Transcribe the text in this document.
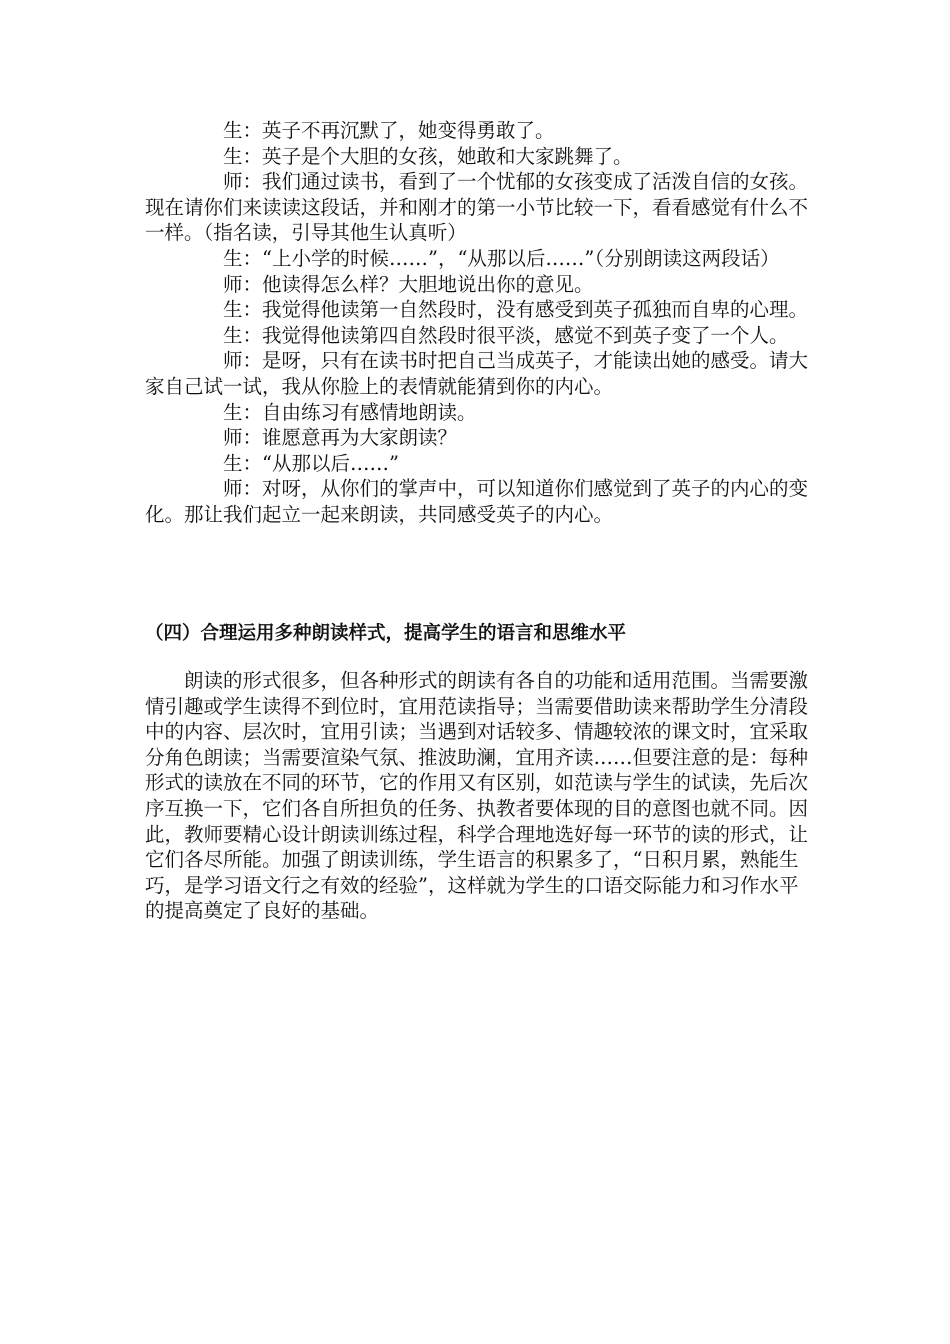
生：英子不再沉默了，她变得勇敢了。

生：英子是个大胆的女孩，她敢和大家跳舞了。

师：我们通过读书，看到了一个忧郁的女孩变成了活泼自信的女孩。现在请你们来读读这段话，并和刚才的第一小节比较一下，看看感觉有什么不一样。（指名读，引导其他生认真听）

生：“上小学的时候……”，“从那以后……”（分别朗读这两段话）

师：他读得怎么样？大胆地说出你的意见。

生：我觉得他读第一自然段时，没有感受到英子孤独而自卑的心理。

生：我觉得他读第四自然段时很平淡，感觉不到英子变了一个人。

师：是呀，只有在读书时把自己当成英子，才能读出她的感受。请大家自己试一试，我从你脸上的表情就能猜到你的内心。

生：自由练习有感情地朗读。

师：谁愿意再为大家朗读？

生：“从那以后……”

师：对呀，从你们的掌声中，可以知道你们感觉到了英子的内心的变化。那让我们起立一起来朗读，共同感受英子的内心。

（四）合理运用多种朗读样式，提高学生的语言和思维水平

朗读的形式很多，但各种形式的朗读有各自的功能和适用范围。当需要激情引趣或学生读得不到位时，宜用范读指导；当需要借助读来帮助学生分清段中的内容、层次时，宜用引读；当遇到对话较多、情趣较浓的课文时，宜采取分角色朗读；当需要渲染气氛、推波助澜，宜用齐读……但要注意的是：每种形式的读放在不同的环节，它的作用又有区别，如范读与学生的试读，先后次序互换一下，它们各自所担负的任务、执教者要体现的目的意图也就不同。因此，教师要精心设计朗读训练过程，科学合理地选好每一环节的读的形式，让它们各尽所能。加强了朗读训练，学生语言的积累多了，“日积月累，熟能生巧，是学习语文行之有效的经验”，这样就为学生的口语交际能力和习作水平的提高奠定了良好的基础。
